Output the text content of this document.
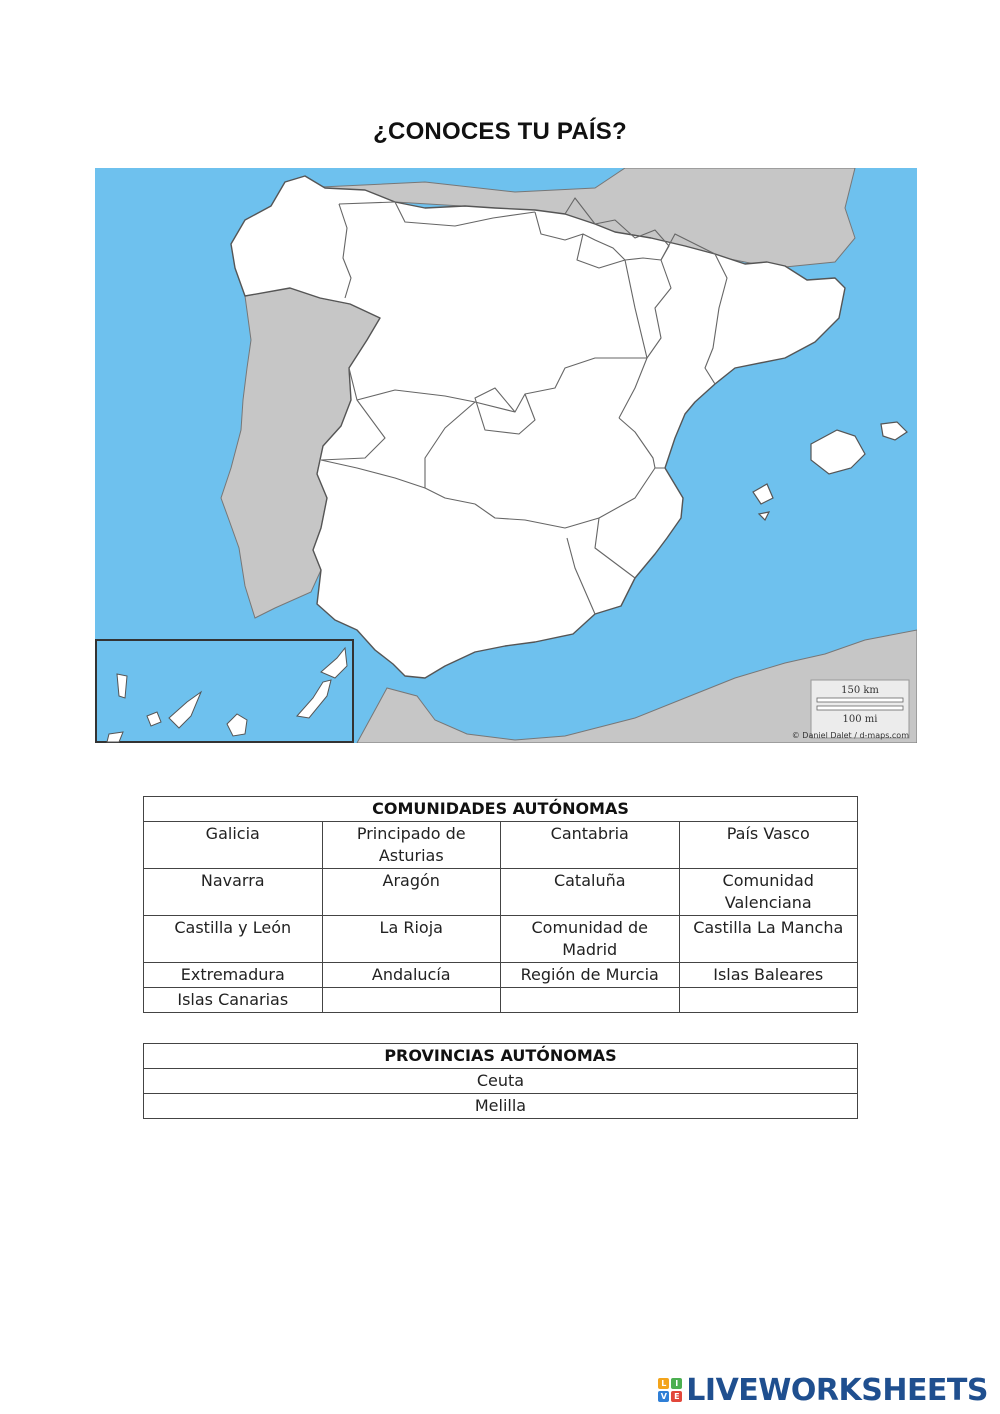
¿CONOCES TU PAÍS?
150 km
100 mi
© Daniel Dalet / d-maps.com
COMUNIDADES AUTÓNOMAS			
Galicia	Principado de Asturias	Cantabria	País Vasco
Navarra	Aragón	Cataluña	Comunidad Valenciana
Castilla y León	La Rioja	Comunidad de Madrid	Castilla La Mancha
Extremadura	Andalucía	Región de Murcia	Islas Baleares
Islas Canarias			
PROVINCIAS AUTÓNOMAS
Ceuta
Melilla
L	I
V E LIVEWORKSHEETS
